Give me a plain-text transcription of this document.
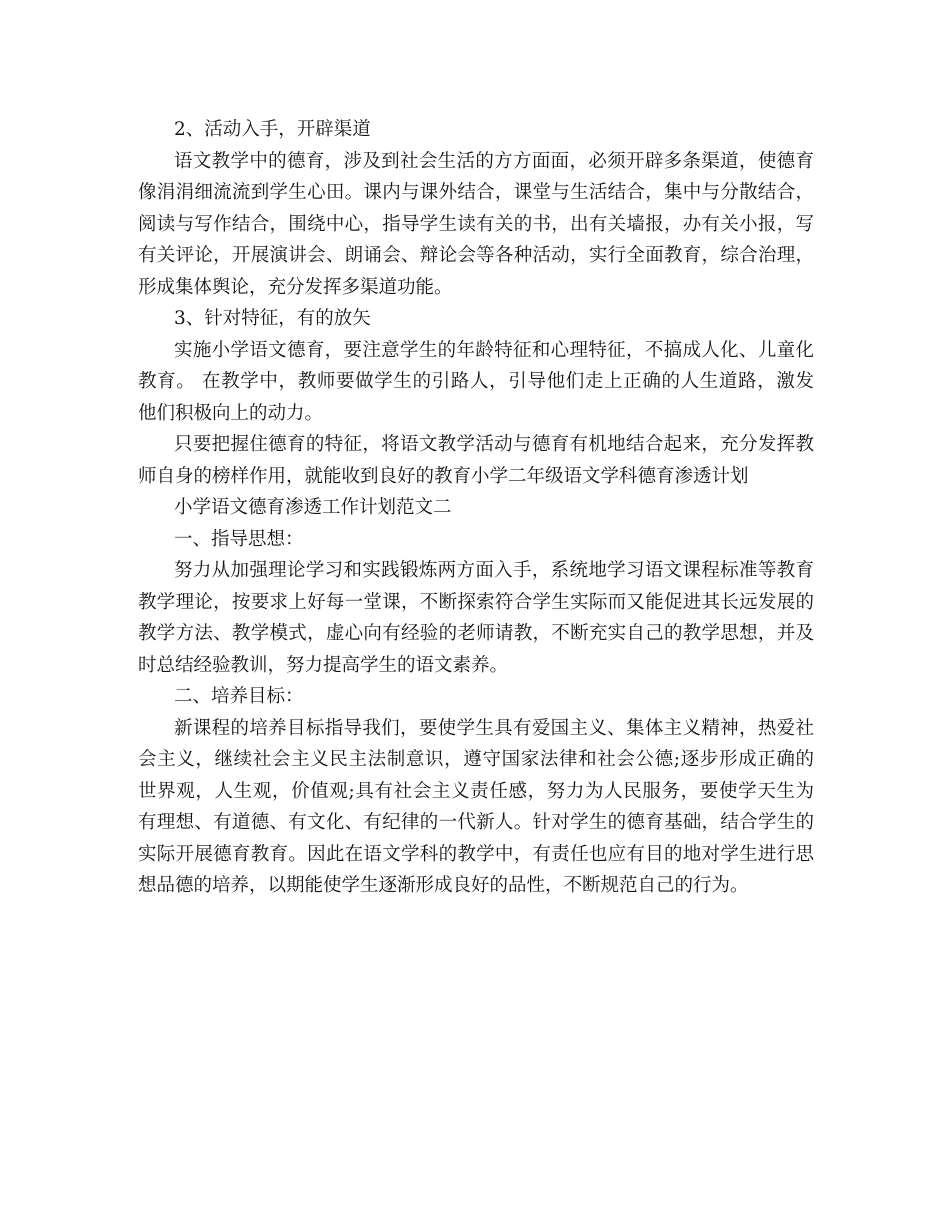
2、活动入手，开辟渠道
语文教学中的德育，涉及到社会生活的方方面面，必须开辟多条渠道，使德育
像涓涓细流流到学生心田。课内与课外结合，课堂与生活结合，集中与分散结合，
阅读与写作结合，围绕中心，指导学生读有关的书，出有关墙报，办有关小报，写
有关评论，开展演讲会、朗诵会、辩论会等各种活动，实行全面教育，综合治理，
形成集体舆论，充分发挥多渠道功能。
3、针对特征，有的放矢
实施小学语文德育，要注意学生的年龄特征和心理特征，不搞成人化、儿童化
教育。 在教学中，教师要做学生的引路人，引导他们走上正确的人生道路，激发
他们积极向上的动力。
只要把握住德育的特征，将语文教学活动与德育有机地结合起来，充分发挥教
师自身的榜样作用，就能收到良好的教育小学二年级语文学科德育渗透计划
小学语文德育渗透工作计划范文二
一、指导思想：
努力从加强理论学习和实践锻炼两方面入手，系统地学习语文课程标准等教育
教学理论，按要求上好每一堂课，不断探索符合学生实际而又能促进其长远发展的
教学方法、教学模式，虚心向有经验的老师请教，不断充实自己的教学思想，并及
时总结经验教训，努力提高学生的语文素养。
二、培养目标：
新课程的培养目标指导我们，要使学生具有爱国主义、集体主义精神，热爱社
会主义，继续社会主义民主法制意识，遵守国家法律和社会公德;逐步形成正确的
世界观，人生观，价值观;具有社会主义责任感，努力为人民服务，要使学天生为
有理想、有道德、有文化、有纪律的一代新人。针对学生的德育基础，结合学生的
实际开展德育教育。因此在语文学科的教学中，有责任也应有目的地对学生进行思
想品德的培养，以期能使学生逐渐形成良好的品性，不断规范自己的行为。
